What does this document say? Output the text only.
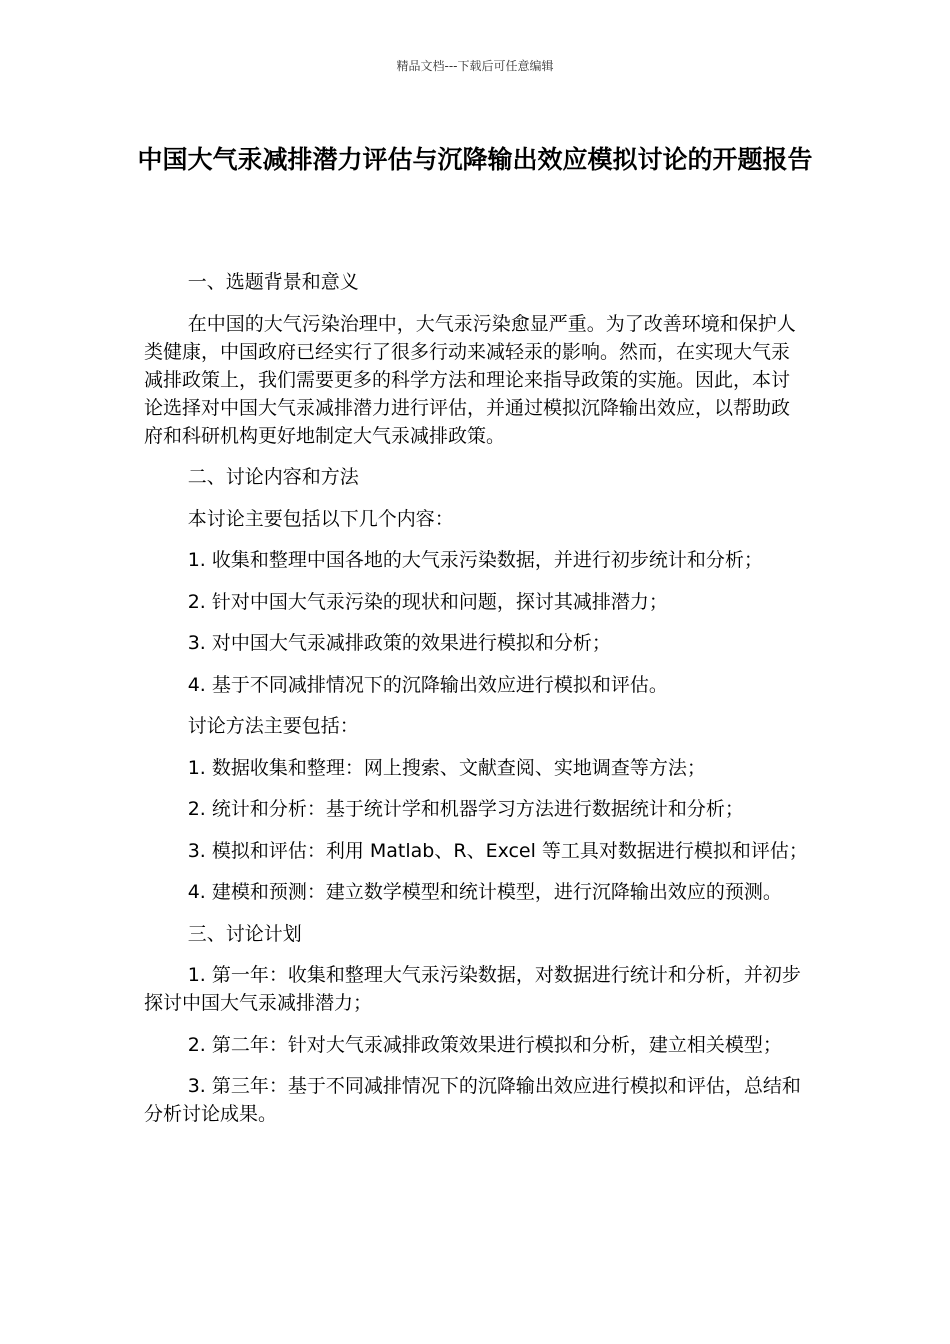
精品文档---下载后可任意编辑
中国大气汞减排潜力评估与沉降输出效应模拟讨论的开题报告

一、选题背景和意义

在中国的大气污染治理中，大气汞污染愈显严重。为了改善环境和保护人类健康，中国政府已经实行了很多行动来减轻汞的影响。然而，在实现大气汞减排政策上，我们需要更多的科学方法和理论来指导政策的实施。因此，本讨论选择对中国大气汞减排潜力进行评估，并通过模拟沉降输出效应，以帮助政府和科研机构更好地制定大气汞减排政策。

二、讨论内容和方法

本讨论主要包括以下几个内容：

1. 收集和整理中国各地的大气汞污染数据，并进行初步统计和分析；

2. 针对中国大气汞污染的现状和问题，探讨其减排潜力；

3. 对中国大气汞减排政策的效果进行模拟和分析；

4. 基于不同减排情况下的沉降输出效应进行模拟和评估。

讨论方法主要包括：

1. 数据收集和整理：网上搜索、文献查阅、实地调查等方法；

2. 统计和分析：基于统计学和机器学习方法进行数据统计和分析；

3. 模拟和评估：利用 Matlab、R、Excel 等工具对数据进行模拟和评估；

4. 建模和预测：建立数学模型和统计模型，进行沉降输出效应的预测。

三、讨论计划

1. 第一年：收集和整理大气汞污染数据，对数据进行统计和分析，并初步探讨中国大气汞减排潜力；

2. 第二年：针对大气汞减排政策效果进行模拟和分析，建立相关模型；

3. 第三年：基于不同减排情况下的沉降输出效应进行模拟和评估，总结和分析讨论成果。
